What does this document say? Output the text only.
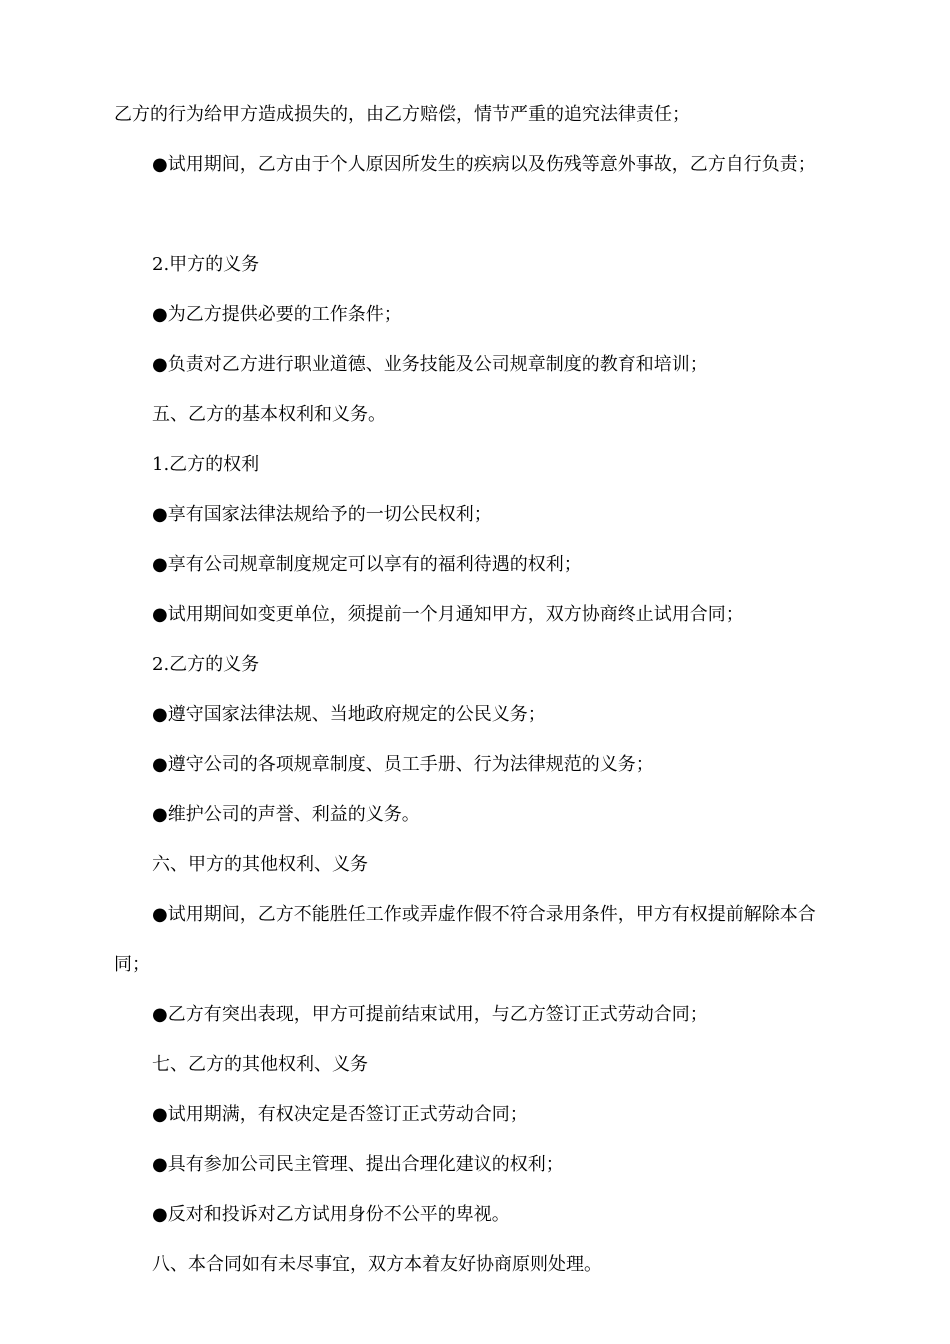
乙方的行为给甲方造成损失的，由乙方赔偿，情节严重的追究法律责任；

●试用期间，乙方由于个人原因所发生的疾病以及伤残等意外事故，乙方自行负责；

2.甲方的义务

●为乙方提供必要的工作条件；

●负责对乙方进行职业道德、业务技能及公司规章制度的教育和培训；

五、乙方的基本权利和义务。

1.乙方的权利

●享有国家法律法规给予的一切公民权利；

●享有公司规章制度规定可以享有的福利待遇的权利；

●试用期间如变更单位，须提前一个月通知甲方，双方协商终止试用合同；

2.乙方的义务

●遵守国家法律法规、当地政府规定的公民义务；

●遵守公司的各项规章制度、员工手册、行为法律规范的义务；

●维护公司的声誉、利益的义务。

六、甲方的其他权利、义务

●试用期间，乙方不能胜任工作或弄虚作假不符合录用条件，甲方有权提前解除本合同；

●乙方有突出表现，甲方可提前结束试用，与乙方签订正式劳动合同；

七、乙方的其他权利、义务

●试用期满，有权决定是否签订正式劳动合同；

●具有参加公司民主管理、提出合理化建议的权利；

●反对和投诉对乙方试用身份不公平的卑视。

八、本合同如有未尽事宜，双方本着友好协商原则处理。
